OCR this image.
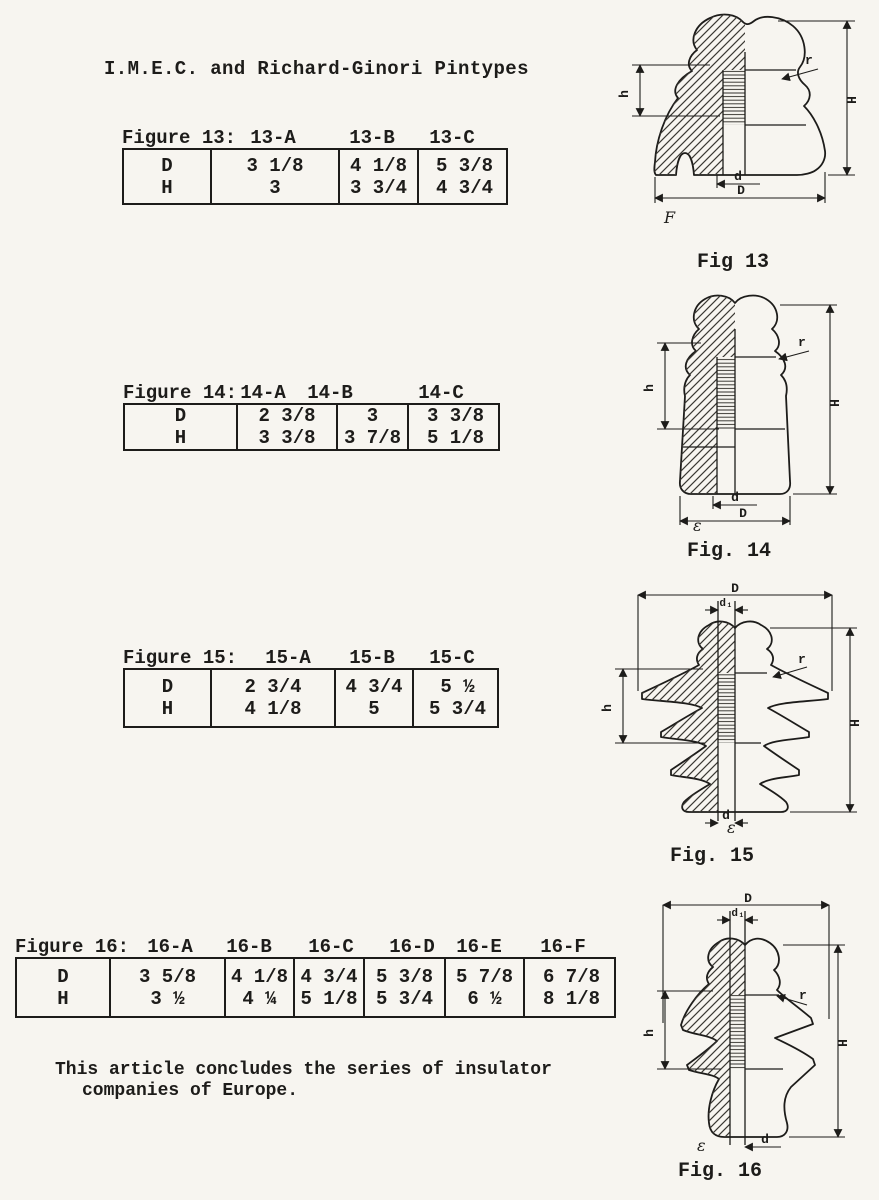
I.M.E.C. and Richard-Ginori Pintypes
Figure 13: 13-A	13-B 13-C
D
H
3 1/8
3
4 1/8
3 3/4
5 3/8
4 3/4
Figure 14: 14-A 14-B	14-C
D
H
2 3/8
3 3/8
3
3 7/8
3 3/8
5 1/8
Figure 15: 15-A 15-B 15-C
D
H
2 3/4
4 1/8
4 3/4
5
5 ½
5 3/4
Figure 16: 16-A 16-B 16-C 16-D 16-E 16-F
D
H
3 5/8
3 ½
4 1/8
4 ¼
4 3/4
5 1/8
5 3/8
5 3/4
5 7/8
6 ½
6 7/8
8 1/8
This article concludes the series of insulator
companies of Europe.
h
r
H
d
D
F
Fig 13
h
r
H
d
D
ε
Fig. 14
D
d₁
r
h
H
d
ε
Fig. 15
D
d₁
r
h
H
d
ε
Fig. 16
